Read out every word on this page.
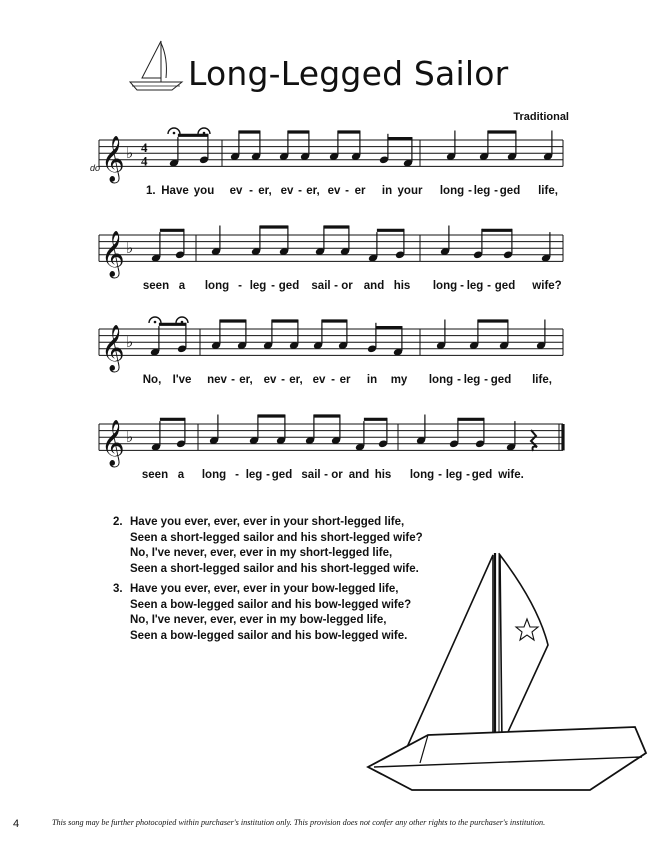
Long-Legged Sailor
Traditional
𝄞 ♭ 4
4
𝄞 ♭
𝄞 ♭
𝄞 ♭
do
1. Have you ev - er, ev - er, ev - er in your long - leg - ged life,
seen a long - leg - ged sail - or and his long - leg - ged wife?
No, I've nev - er, ev - er, ev - er in my long - leg - ged life,
seen a long - leg - ged sail - or and his long - leg - ged wife.
2. Have you ever, ever, ever in your short-legged life,
Seen a short-legged sailor and his short-legged wife?
No, I've never, ever, ever in my short-legged life,
Seen a short-legged sailor and his short-legged wife.
3. Have you ever, ever, ever in your bow-legged life,
Seen a bow-legged sailor and his bow-legged wife?
No, I've never, ever, ever in my bow-legged life,
Seen a bow-legged sailor and his bow-legged wife.
4	This song may be further photocopied within purchaser's institution only. This provision does not confer any other rights to the purchaser's institution.
